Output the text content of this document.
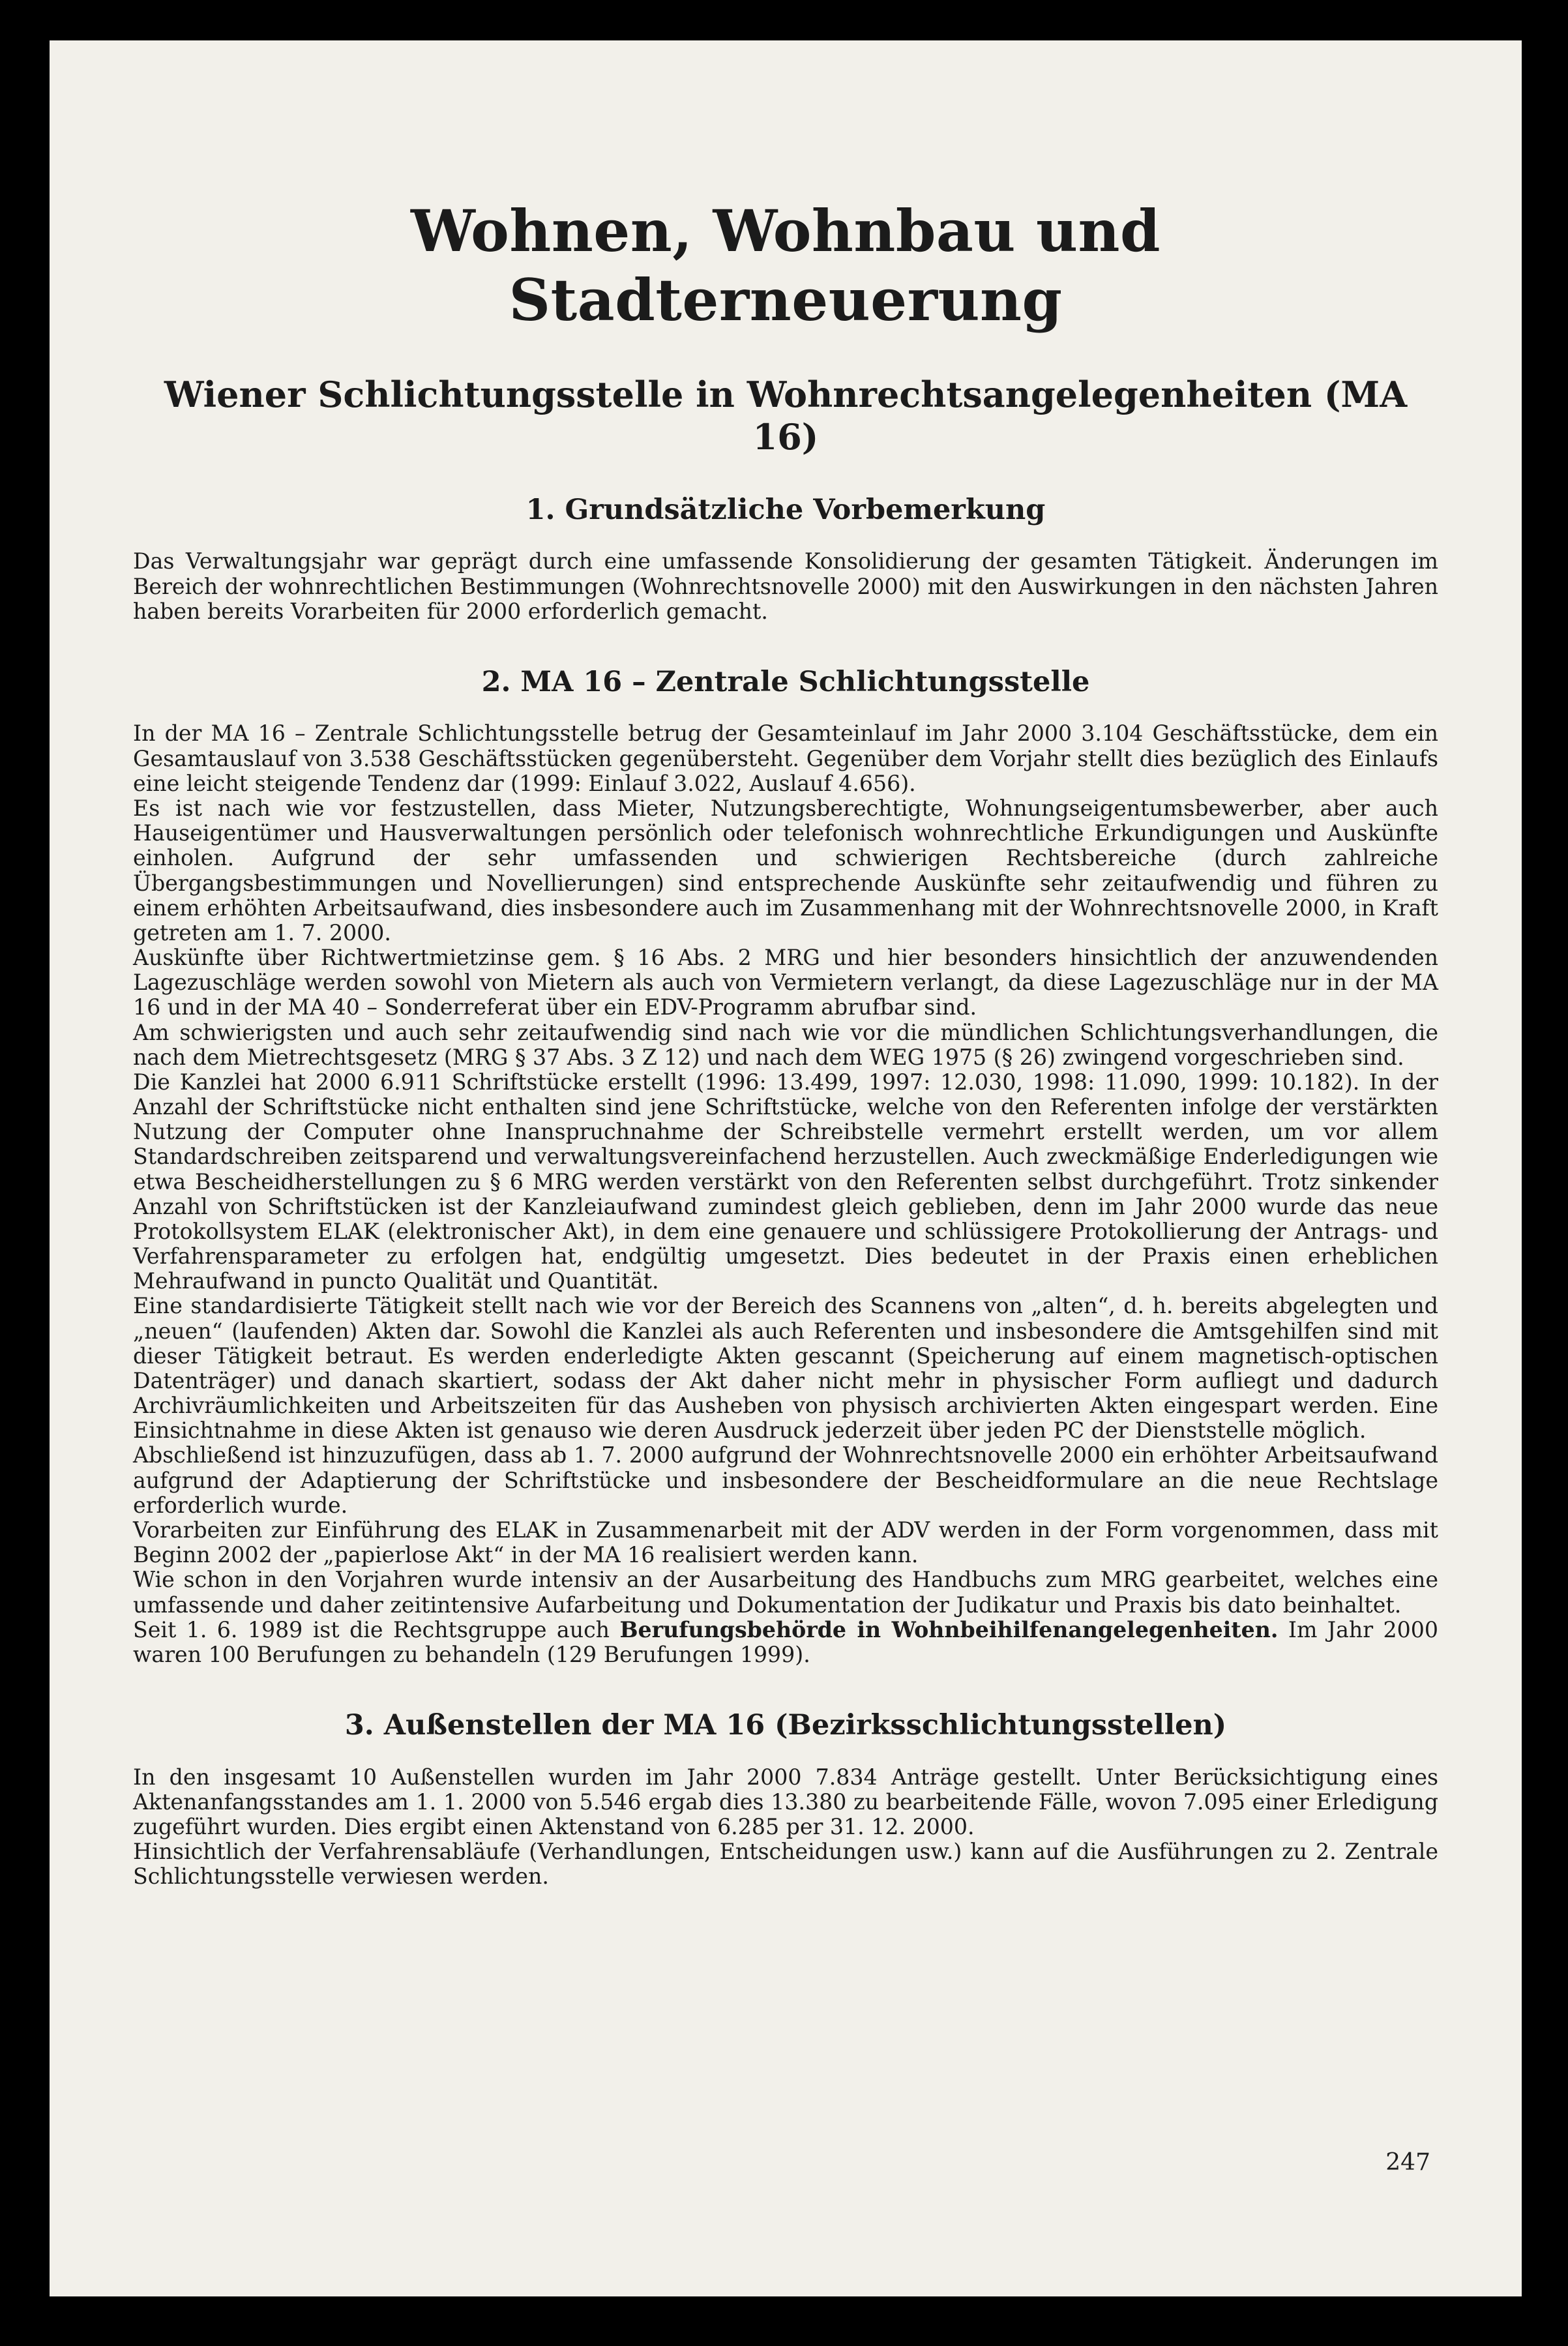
Wohnen, Wohnbau und Stadterneuerung
Wiener Schlichtungsstelle in Wohnrechtsangelegenheiten (MA 16)
1. Grundsätzliche Vorbemerkung

Das Verwaltungsjahr war geprägt durch eine umfassende Konsolidierung der gesamten Tätigkeit. Änderungen im Bereich der wohnrechtlichen Bestimmungen (Wohnrechtsnovelle 2000) mit den Auswirkungen in den nächsten Jahren haben bereits Vorarbeiten für 2000 erforderlich gemacht.

2. MA 16 – Zentrale Schlichtungsstelle

In der MA 16 – Zentrale Schlichtungsstelle betrug der Gesamteinlauf im Jahr 2000 3.104 Geschäftsstücke, dem ein Gesamtauslauf von 3.538 Geschäftsstücken gegenübersteht. Gegenüber dem Vorjahr stellt dies bezüglich des Einlaufs eine leicht steigende Tendenz dar (1999: Einlauf 3.022, Auslauf 4.656).

Es ist nach wie vor festzustellen, dass Mieter, Nutzungsberechtigte, Wohnungseigentumsbewerber, aber auch Hauseigentümer und Hausverwaltungen persönlich oder telefonisch wohnrechtliche Erkundigungen und Auskünfte einholen. Aufgrund der sehr umfassenden und schwierigen Rechtsbereiche (durch zahlreiche Übergangsbestimmungen und Novellierungen) sind entsprechende Auskünfte sehr zeitaufwendig und führen zu einem erhöhten Arbeitsaufwand, dies insbesondere auch im Zusammenhang mit der Wohnrechtsnovelle 2000, in Kraft getreten am 1. 7. 2000.

Auskünfte über Richtwertmietzinse gem. § 16 Abs. 2 MRG und hier besonders hinsichtlich der anzuwendenden Lagezuschläge werden sowohl von Mietern als auch von Vermietern verlangt, da diese Lagezuschläge nur in der MA 16 und in der MA 40 – Sonderreferat über ein EDV-Programm abrufbar sind.

Am schwierigsten und auch sehr zeitaufwendig sind nach wie vor die mündlichen Schlichtungsverhandlungen, die nach dem Mietrechtsgesetz (MRG § 37 Abs. 3 Z 12) und nach dem WEG 1975 (§ 26) zwingend vorgeschrieben sind.

Die Kanzlei hat 2000 6.911 Schriftstücke erstellt (1996: 13.499, 1997: 12.030, 1998: 11.090, 1999: 10.182). In der Anzahl der Schriftstücke nicht enthalten sind jene Schriftstücke, welche von den Referenten infolge der verstärkten Nutzung der Computer ohne Inanspruchnahme der Schreibstelle vermehrt erstellt werden, um vor allem Standardschreiben zeitsparend und verwaltungsvereinfachend herzustellen. Auch zweckmäßige Enderledigungen wie etwa Bescheidherstellungen zu § 6 MRG werden verstärkt von den Referenten selbst durchgeführt. Trotz sinkender Anzahl von Schriftstücken ist der Kanzleiaufwand zumindest gleich geblieben, denn im Jahr 2000 wurde das neue Protokollsystem ELAK (elektronischer Akt), in dem eine genauere und schlüssigere Protokollierung der Antrags- und Verfahrensparameter zu erfolgen hat, endgültig umgesetzt. Dies bedeutet in der Praxis einen erheblichen Mehraufwand in puncto Qualität und Quantität.

Eine standardisierte Tätigkeit stellt nach wie vor der Bereich des Scannens von „alten“, d. h. bereits abgelegten und „neuen“ (laufenden) Akten dar. Sowohl die Kanzlei als auch Referenten und insbesondere die Amtsgehilfen sind mit dieser Tätigkeit betraut. Es werden enderledigte Akten gescannt (Speicherung auf einem magnetisch-optischen Datenträger) und danach skartiert, sodass der Akt daher nicht mehr in physischer Form aufliegt und dadurch Archivräumlichkeiten und Arbeitszeiten für das Ausheben von physisch archivierten Akten eingespart werden. Eine Einsichtnahme in diese Akten ist genauso wie deren Ausdruck jederzeit über jeden PC der Dienststelle möglich.

Abschließend ist hinzuzufügen, dass ab 1. 7. 2000 aufgrund der Wohnrechtsnovelle 2000 ein erhöhter Arbeitsaufwand aufgrund der Adaptierung der Schriftstücke und insbesondere der Bescheidformulare an die neue Rechtslage erforderlich wurde.

Vorarbeiten zur Einführung des ELAK in Zusammenarbeit mit der ADV werden in der Form vorgenommen, dass mit Beginn 2002 der „papierlose Akt“ in der MA 16 realisiert werden kann.

Wie schon in den Vorjahren wurde intensiv an der Ausarbeitung des Handbuchs zum MRG gearbeitet, welches eine umfassende und daher zeitintensive Aufarbeitung und Dokumentation der Judikatur und Praxis bis dato beinhaltet.

Seit 1. 6. 1989 ist die Rechtsgruppe auch Berufungsbehörde in Wohnbeihilfenangelegenheiten. Im Jahr 2000 waren 100 Berufungen zu behandeln (129 Berufungen 1999).

3. Außenstellen der MA 16 (Bezirksschlichtungsstellen)

In den insgesamt 10 Außenstellen wurden im Jahr 2000 7.834 Anträge gestellt. Unter Berücksichtigung eines Aktenanfangsstandes am 1. 1. 2000 von 5.546 ergab dies 13.380 zu bearbeitende Fälle, wovon 7.095 einer Erledigung zugeführt wurden. Dies ergibt einen Aktenstand von 6.285 per 31. 12. 2000.

Hinsichtlich der Verfahrensabläufe (Verhandlungen, Entscheidungen usw.) kann auf die Ausführungen zu 2. Zentrale Schlichtungsstelle verwiesen werden.

247
